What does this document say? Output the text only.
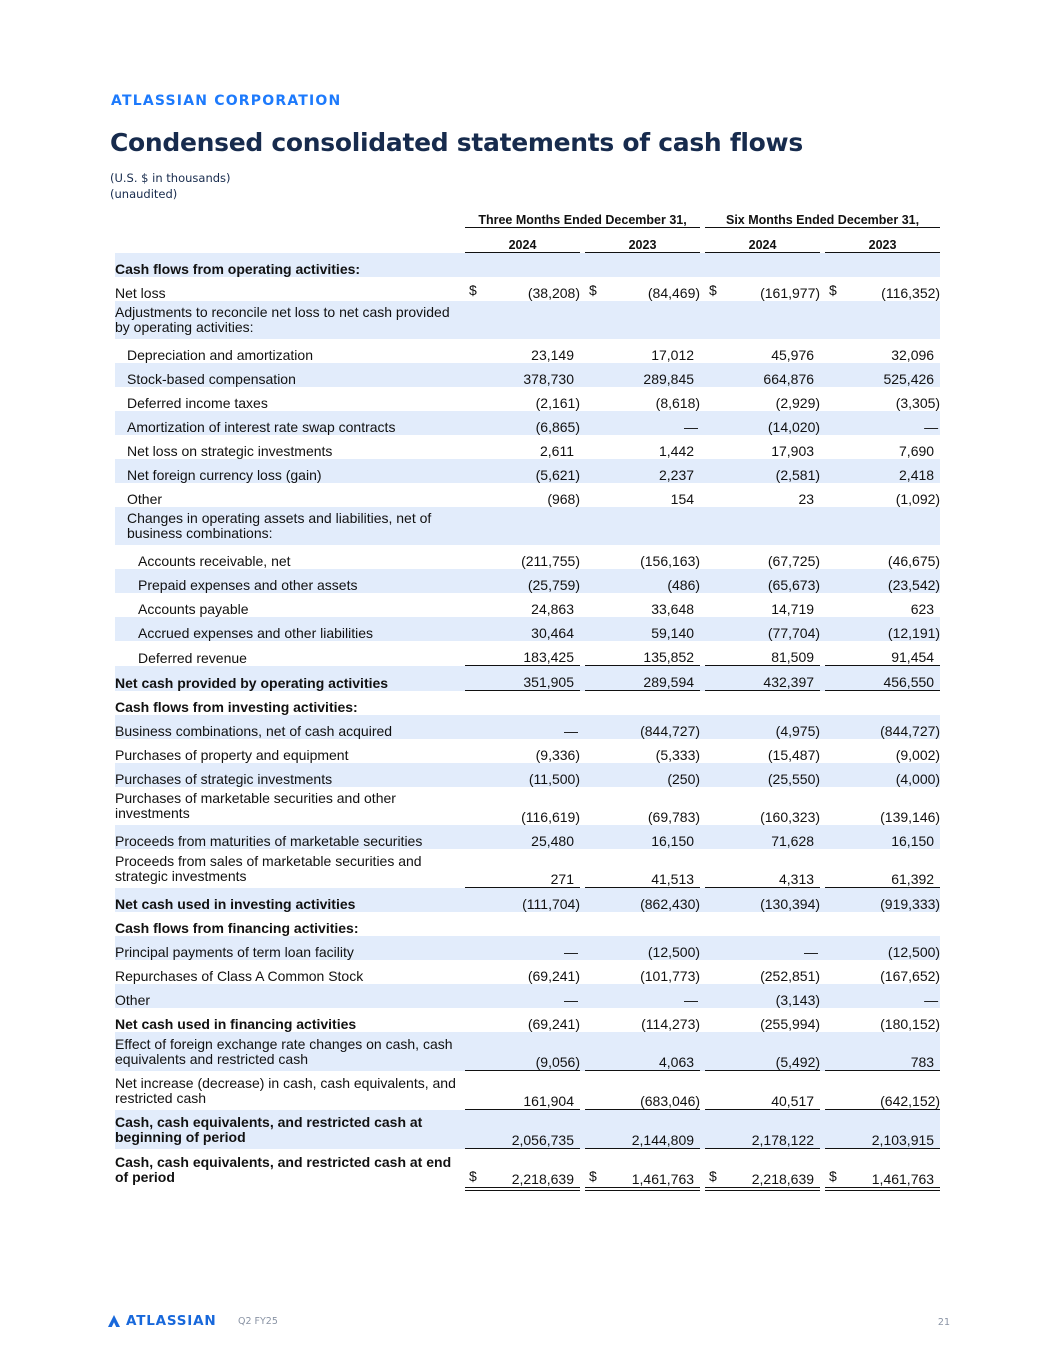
ATLASSIAN CORPORATION
Condensed consolidated statements of cash flows
(U.S. $ in thousands)
(unaudited)
		Three Months Ended December 31,				Six Months Ended December 31,		
		2024		2023		2024		2023
Cash flows from operating activities:								
Net loss		$ (38,208)		$ (84,469)		$ (161,977)		$ (116,352)
Adjustments to reconcile net loss to net cash provided by operating activities:								
Depreciation and amortization		23,149		17,012		45,976		32,096
Stock-based compensation		378,730		289,845		664,876		525,426
Deferred income taxes		(2,161)		(8,618)		(2,929)		(3,305)
Amortization of interest rate swap contracts		(6,865)		—		(14,020)		—
Net loss on strategic investments		2,611		1,442		17,903		7,690
Net foreign currency loss (gain)		(5,621)		2,237		(2,581)		2,418
Other		(968)		154		23		(1,092)
Changes in operating assets and liabilities, net of business combinations:								
Accounts receivable, net		(211,755)		(156,163)		(67,725)		(46,675)
Prepaid expenses and other assets		(25,759)		(486)		(65,673)		(23,542)
Accounts payable		24,863		33,648		14,719		623
Accrued expenses and other liabilities		30,464		59,140		(77,704)		(12,191)
Deferred revenue		183,425		135,852		81,509		91,454
Net cash provided by operating activities		351,905		289,594		432,397		456,550
Cash flows from investing activities:								
Business combinations, net of cash acquired		—		(844,727)		(4,975)		(844,727)
Purchases of property and equipment		(9,336)		(5,333)		(15,487)		(9,002)
Purchases of strategic investments		(11,500)		(250)		(25,550)		(4,000)
Purchases of marketable securities and other investments		(116,619)		(69,783)		(160,323)		(139,146)
Proceeds from maturities of marketable securities		25,480		16,150		71,628		16,150
Proceeds from sales of marketable securities and strategic investments		271		41,513		4,313		61,392
Net cash used in investing activities		(111,704)		(862,430)		(130,394)		(919,333)
Cash flows from financing activities:								
Principal payments of term loan facility		—		(12,500)		—		(12,500)
Repurchases of Class A Common Stock		(69,241)		(101,773)		(252,851)		(167,652)
Other		—		—		(3,143)		—
Net cash used in financing activities		(69,241)		(114,273)		(255,994)		(180,152)
Effect of foreign exchange rate changes on cash, cash equivalents and restricted cash		(9,056)		4,063		(5,492)		783
Net increase (decrease) in cash, cash equivalents, and restricted cash		161,904		(683,046)		40,517		(642,152)
Cash, cash equivalents, and restricted cash at beginning of period		2,056,735		2,144,809		2,178,122		2,103,915
Cash, cash equivalents, and restricted cash at end of period		$ 2,218,639		$ 1,461,763		$ 2,218,639		$ 1,461,763
ATLASSIAN Q2 FY25	21
